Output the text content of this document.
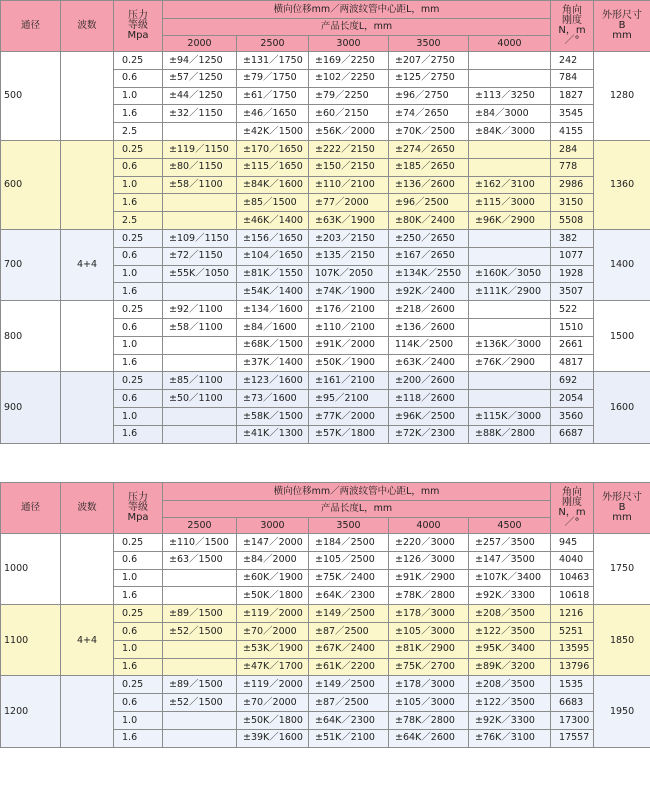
通径	波数	压力
等级
Mpa	横向位移mm／两波纹管中心距L，mm					角向
刚度
N，m／°	外形尺寸
B
mm
			产品长度L，mm						
			2000	2500	3000	3500	4000		
500		0.25	±94／1250	±131／1750	±169／2250	±207／2750		242	1280
		0.6	±57／1250	±79／1750	±102／2250	±125／2750		784	
		1.0	±44／1250	±61／1750	±79／2250	±96／2750	±113／3250	1827	
		1.6	±32／1150	±46／1650	±60／2150	±74／2650	±84／3000	3545	
		2.5		±42K／1500	±56K／2000	±70K／2500	±84K／3000	4155	
600		0.25	±119／1150	±170／1650	±222／2150	±274／2650		284	1360
		0.6	±80／1150	±115／1650	±150／2150	±185／2650		778	
		1.0	±58／1100	±84K／1600	±110／2100	±136／2600	±162／3100	2986	
		1.6		±85／1500	±77／2000	±96／2500	±115／3000	3150	
		2.5		±46K／1400	±63K／1900	±80K／2400	±96K／2900	5508	
700	4+4	0.25	±109／1150	±156／1650	±203／2150	±250／2650		382	1400
		0.6	±72／1150	±104／1650	±135／2150	±167／2650		1077	
		1.0	±55K／1050	±81K／1550	107K／2050	±134K／2550	±160K／3050	1928	
		1.6		±54K／1400	±74K／1900	±92K／2400	±111K／2900	3507	
800		0.25	±92／1100	±134／1600	±176／2100	±218／2600		522	1500
		0.6	±58／1100	±84／1600	±110／2100	±136／2600		1510	
		1.0		±68K／1500	±91K／2000	114K／2500	±136K／3000	2661	
		1.6		±37K／1400	±50K／1900	±63K／2400	±76K／2900	4817	
900		0.25	±85／1100	±123／1600	±161／2100	±200／2600		692	1600
		0.6	±50／1100	±73／1600	±95／2100	±118／2600		2054	
		1.0		±58K／1500	±77K／2000	±96K／2500	±115K／3000	3560	
		1.6		±41K／1300	±57K／1800	±72K／2300	±88K／2800	6687	
通径	波数	压力
等级
Mpa	横向位移mm／两波纹管中心距L，mm					角向
刚度
N，m／°	外形尺寸
B
mm
			产品长度L，mm						
			2500	3000	3500	4000	4500		
1000		0.25	±110／1500	±147／2000	±184／2500	±220／3000	±257／3500	945	1750
		0.6	±63／1500	±84／2000	±105／2500	±126／3000	±147／3500	4040	
		1.0		±60K／1900	±75K／2400	±91K／2900	±107K／3400	10463	
		1.6		±50K／1800	±64K／2300	±78K／2800	±92K／3300	10618	
1100	4+4	0.25	±89／1500	±119／2000	±149／2500	±178／3000	±208／3500	1216	1850
		0.6	±52／1500	±70／2000	±87／2500	±105／3000	±122／3500	5251	
		1.0		±53K／1900	±67K／2400	±81K／2900	±95K／3400	13595	
		1.6		±47K／1700	±61K／2200	±75K／2700	±89K／3200	13796	
1200		0.25	±89／1500	±119／2000	±149／2500	±178／3000	±208／3500	1535	1950
		0.6	±52／1500	±70／2000	±87／2500	±105／3000	±122／3500	6683	
		1.0		±50K／1800	±64K／2300	±78K／2800	±92K／3300	17300	
		1.6		±39K／1600	±51K／2100	±64K／2600	±76K／3100	17557	
